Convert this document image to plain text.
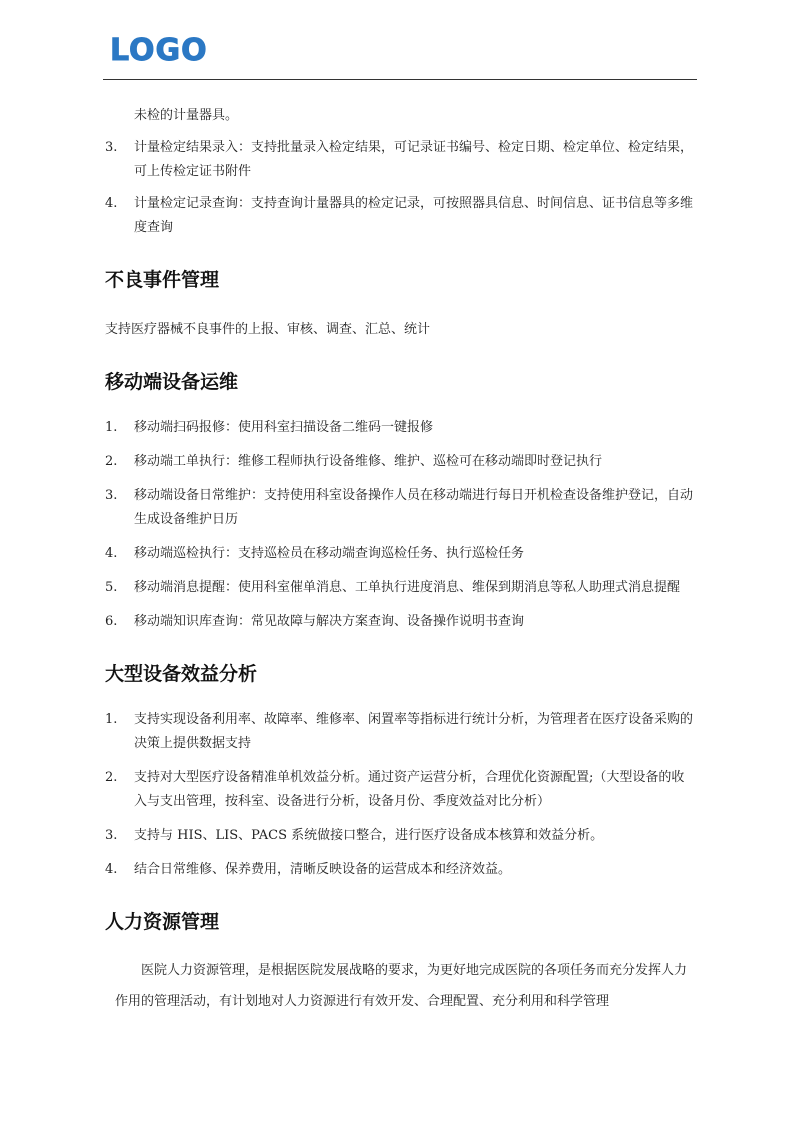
LOGO

未检的计量器具。

3.	计量检定结果录入：支持批量录入检定结果，可记录证书编号、检定日期、检定单位、检定结果，可上传检定证书附件
4.	计量检定记录查询：支持查询计量器具的检定记录，可按照器具信息、时间信息、证书信息等多维度查询
不良事件管理

支持医疗器械不良事件的上报、审核、调查、汇总、统计

移动端设备运维
1.	移动端扫码报修：使用科室扫描设备二维码一键报修
2.	移动端工单执行：维修工程师执行设备维修、维护、巡检可在移动端即时登记执行
3.	移动端设备日常维护：支持使用科室设备操作人员在移动端进行每日开机检查设备维护登记，自动生成设备维护日历
4.	移动端巡检执行：支持巡检员在移动端查询巡检任务、执行巡检任务
5.	移动端消息提醒：使用科室催单消息、工单执行进度消息、维保到期消息等私人助理式消息提醒
6.	移动端知识库查询：常见故障与解决方案查询、设备操作说明书查询
大型设备效益分析
1.	支持实现设备利用率、故障率、维修率、闲置率等指标进行统计分析，为管理者在医疗设备采购的决策上提供数据支持
2.	支持对大型医疗设备精准单机效益分析。通过资产运营分析，合理优化资源配置;（大型设备的收入与支出管理，按科室、设备进行分析，设备月份、季度效益对比分析）
3.	支持与 HIS、LIS、PACS 系统做接口整合，进行医疗设备成本核算和效益分析。
4.	结合日常维修、保养费用，清晰反映设备的运营成本和经济效益。
人力资源管理

医院人力资源管理，是根据医院发展战略的要求，为更好地完成医院的各项任务而充分发挥人力作用的管理活动，有计划地对人力资源进行有效开发、合理配置、充分利用和科学管理
